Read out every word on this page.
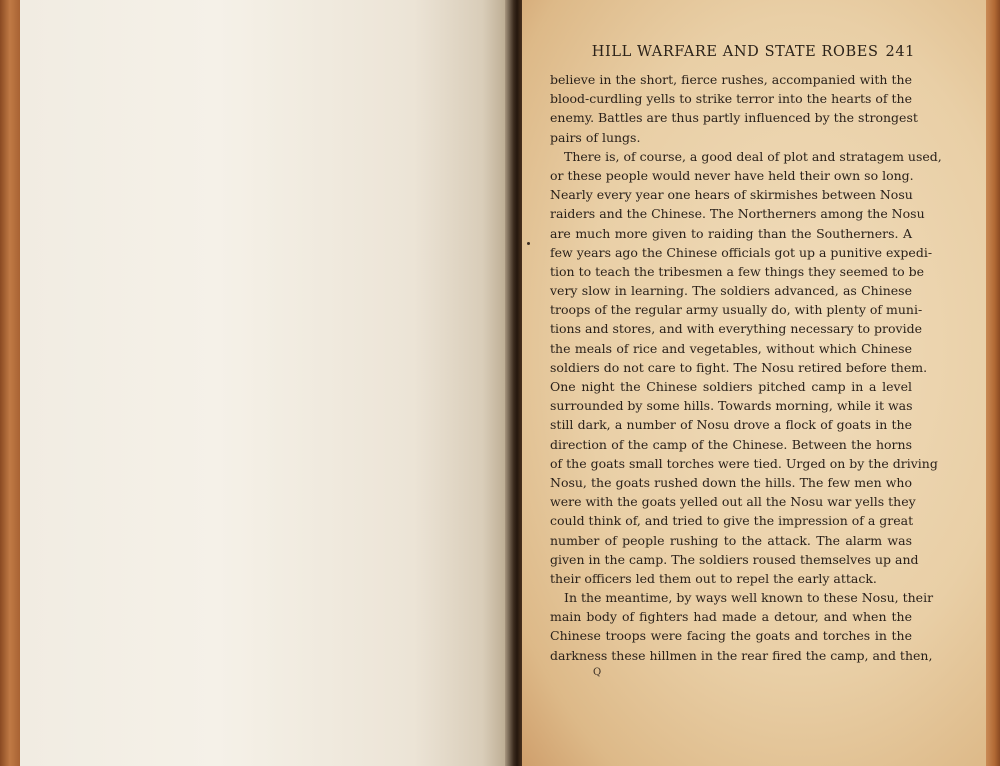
HILL WARFARE AND STATE ROBES 241
believe in the short, fierce rushes, accompanied with the
blood-curdling yells to strike terror into the hearts of the
enemy. Battles are thus partly influenced by the strongest
pairs of lungs.
There is, of course, a good deal of plot and stratagem used,
or these people would never have held their own so long.
Nearly every year one hears of skirmishes between Nosu
raiders and the Chinese. The Northerners among the Nosu
are much more given to raiding than the Southerners. A
few years ago the Chinese officials got up a punitive expedi-
tion to teach the tribesmen a few things they seemed to be
very slow in learning. The soldiers advanced, as Chinese
troops of the regular army usually do, with plenty of muni-
tions and stores, and with everything necessary to provide
the meals of rice and vegetables, without which Chinese
soldiers do not care to fight. The Nosu retired before them.
One night the Chinese soldiers pitched camp in a level
surrounded by some hills. Towards morning, while it was
still dark, a number of Nosu drove a flock of goats in the
direction of the camp of the Chinese. Between the horns
of the goats small torches were tied. Urged on by the driving
Nosu, the goats rushed down the hills. The few men who
were with the goats yelled out all the Nosu war yells they
could think of, and tried to give the impression of a great
number of people rushing to the attack. The alarm was
given in the camp. The soldiers roused themselves up and
their officers led them out to repel the early attack.
In the meantime, by ways well known to these Nosu, their
main body of fighters had made a detour, and when the
Chinese troops were facing the goats and torches in the
darkness these hillmen in the rear fired the camp, and then,
Q
